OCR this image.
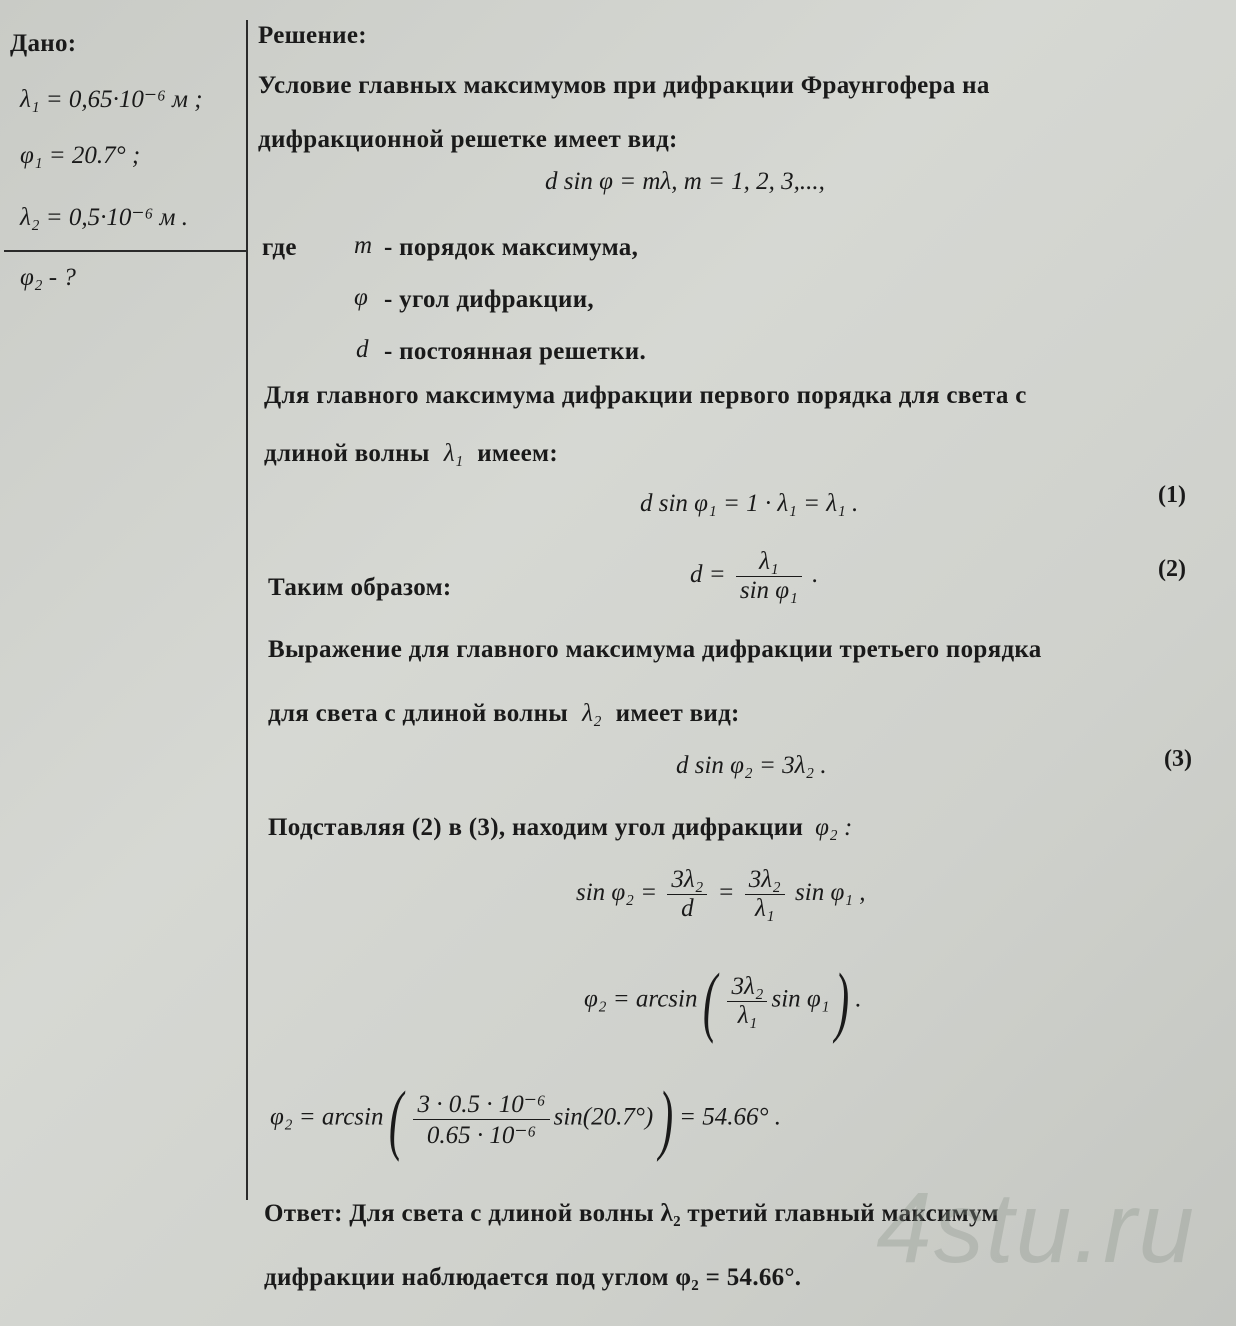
Дано:
λ₁ = 0,65·10⁻⁶ м ;
φ₁ = 20.7° ;
λ₂ = 0,5·10⁻⁶ м .
φ₂ - ?
Решение:
Условие главных максимумов при дифракции Фраунгофера на
дифракционной решетке имеет вид:
d sin φ = mλ, m = 1, 2, 3,...,
где m - порядок максимума,
φ - угол дифракции,
d - постоянная решетки.
Для главного максимума дифракции первого порядка для света с
длиной волны λ₁ имеем:
d sin φ₁ = 1 · λ₁ = λ₁ .	(1)
Таким образом:	$d = \frac{\text{λ₁}}{\text{sin φ₁}}$ .	(2)
Выражение для главного максимума дифракции третьего порядка
для света с длиной волны λ₂ имеет вид:
d sin φ₂ = 3λ₂ .	(3)
Подставляя (2) в (3), находим угол дифракции φ₂ :
$\sin \varphi_2 = \frac{\text{3λ₂}}{d} = \frac{\text{3λ₂}}{\text{λ₁}}$ sin φ₁ ,
$\varphi_2 = \arcsin( \frac{\text{3λ₂}}{\text{λ₁}}$ sin φ₁) .
$\varphi_2 = \arcsin( \frac{\text{3 · 0.5 · 10⁻⁶}}{\text{0.65 · 10⁻⁶}} \sin(20.7^\circ)) = 54.66^\circ$ .
Ответ: Для света с длиной волны λ₂ третий главный максимум
дифракции наблюдается под углом φ₂ = 54.66°. 4stu.ru
